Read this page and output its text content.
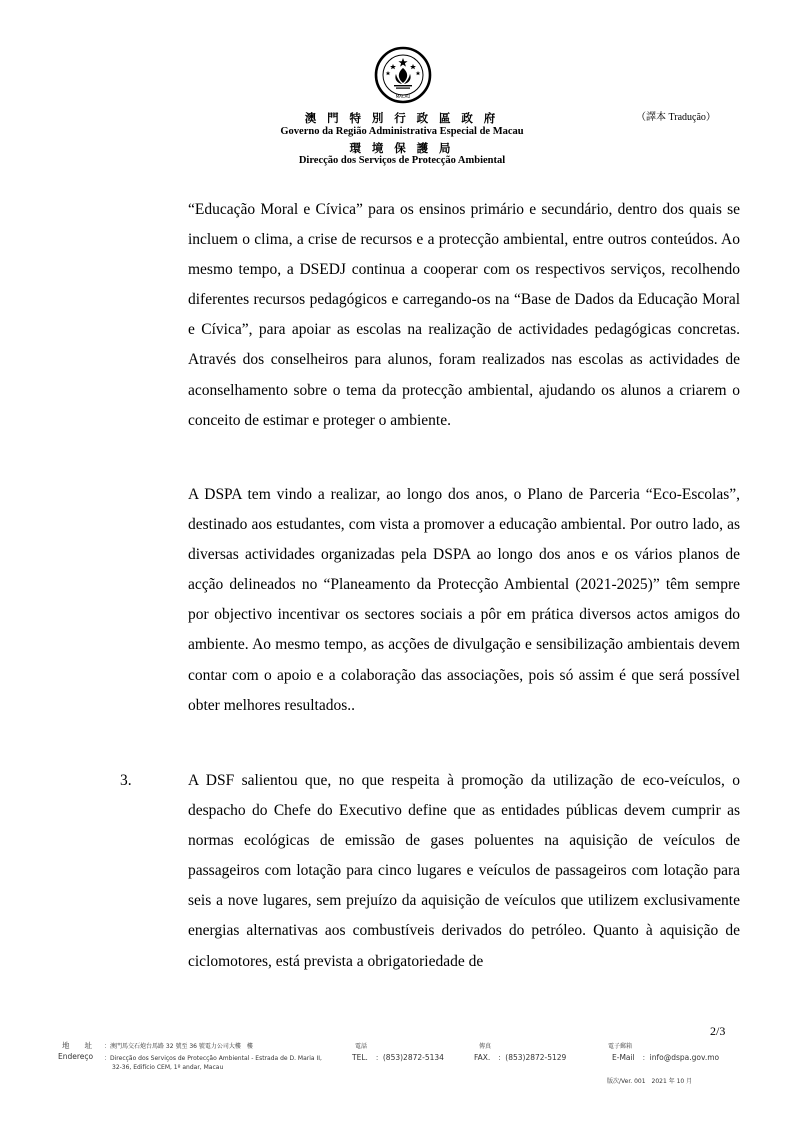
MACAU
澳 門 特 別 行 政 區 政 府
Governo da Região Administrativa Especial de Macau
環 境 保 護 局
Direcção dos Serviços de Protecção Ambiental
（譯本 Tradução）

“Educação Moral e Cívica” para os ensinos primário e secundário, dentro dos quais se incluem o clima, a crise de recursos e a protecção ambiental, entre outros conteúdos. Ao mesmo tempo, a DSEDJ continua a cooperar com os respectivos serviços, recolhendo diferentes recursos pedagógicos e carregando-os na “Base de Dados da Educação Moral e Cívica”, para apoiar as escolas na realização de actividades pedagógicas concretas. Através dos conselheiros para alunos, foram realizados nas escolas as actividades de aconselhamento sobre o tema da protecção ambiental, ajudando os alunos a criarem o conceito de estimar e proteger o ambiente.

A DSPA tem vindo a realizar, ao longo dos anos, o Plano de Parceria “Eco-Escolas”, destinado aos estudantes, com vista a promover a educação ambiental. Por outro lado, as diversas actividades organizadas pela DSPA ao longo dos anos e os vários planos de acção delineados no “Planeamento da Protecção Ambiental (2021-2025)” têm sempre por objectivo incentivar os sectores sociais a pôr em prática diversos actos amigos do ambiente. Ao mesmo tempo, as acções de divulgação e sensibilização ambientais devem contar com o apoio e a colaboração das associações, pois só assim é que será possível obter melhores resultados..

3.	A DSF salientou que, no que respeita à promoção da utilização de eco-veículos, o despacho do Chefe do Executivo define que as entidades públicas devem cumprir as normas ecológicas de emissão de gases poluentes na aquisição de veículos de passageiros com lotação para cinco lugares e veículos de passageiros com lotação para seis a nove lugares, sem prejuízo da aquisição de veículos que utilizem exclusivamente energias alternativas aos combustíveis derivados do petróleo. Quanto à aquisição de ciclomotores, está prevista a obrigatoriedade de

2/3
地　　址
Endereço
：澳門馬交石炮台馬路 32 號至 36 號電力公司大樓　樓
：Direcção dos Serviços de Protecção Ambiental - Estrada de D. Maria II,
32-36, Edifício CEM, 1º andar, Macau
電話
TEL.　：(853)2872-5134
傳真
FAX.　：(853)2872-5129
電子郵箱
E-Mail　：info@dspa.gov.mo
版次/Ver. 001　2021 年 10 月
